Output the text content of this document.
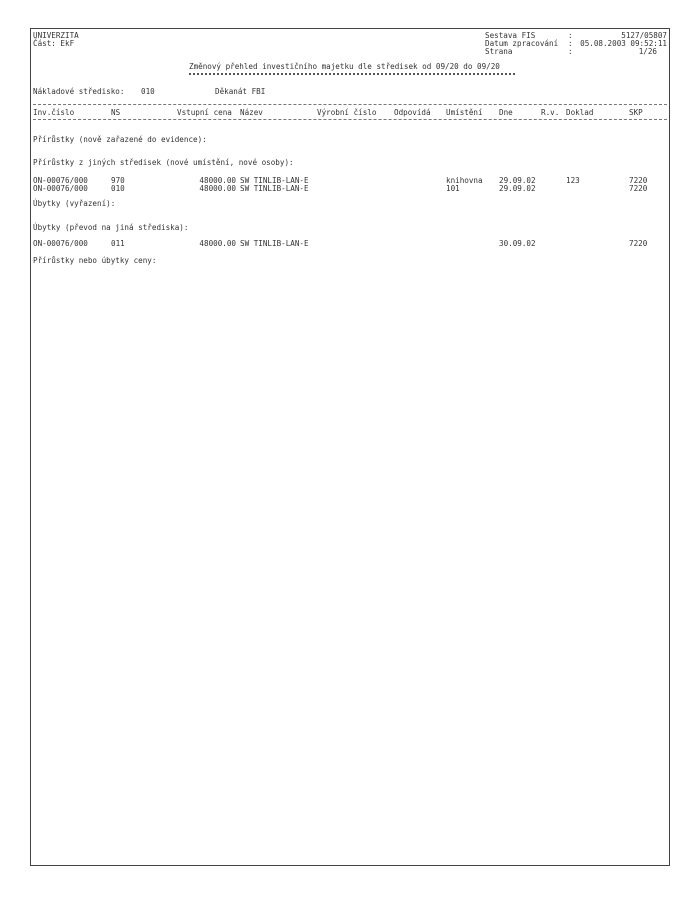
UNIVERZITA
Část: EkF
Sestava FIS	:	5127/05807
Datum zpracování : 05.08.2003 09:52:11
Strana	:	1/26
Změnový přehled investičního majetku dle středisek od 09/20 do 09/20
Nákladové středisko: 010	Děkanát FBI
Inv.číslo	NS	Vstupní cena Název	Výrobní číslo Odpovídá Umístění Dne	R.v. Doklad	SKP
Přírůstky (nově zařazené do evidence):
Přírůstky z jiných středisek (nové umístění, nové osoby):
ON-00076/000	970	48000.00 SW TINLIB-LAN-E	knihovna 29.09.02	123	7220
ON-00076/000	010	48000.00 SW TINLIB-LAN-E	101	29.09.02	7220
Úbytky (vyřazení):
Úbytky (převod na jiná střediska):
ON-00076/000	011	48000.00 SW TINLIB-LAN-E	30.09.02	7220
Přírůstky nebo úbytky ceny:
